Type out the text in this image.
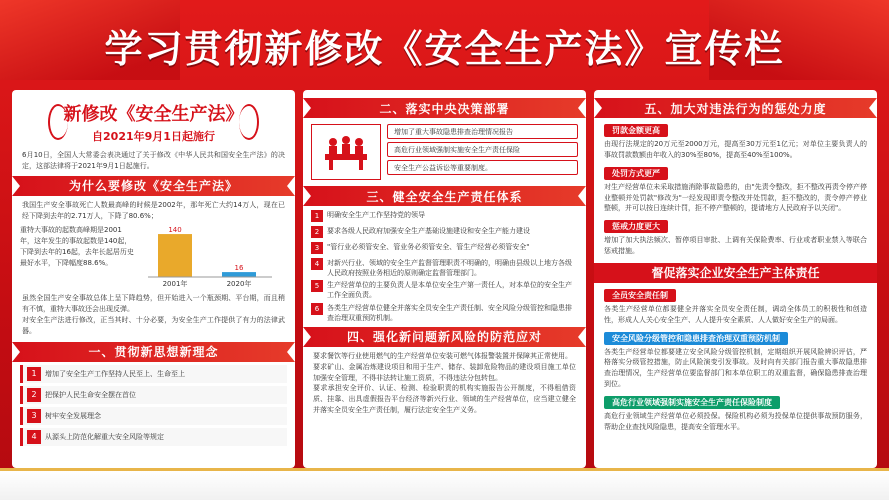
学习贯彻新修改《安全生产法》宣传栏
新修改《安全生产法》
自2021年9月1日起施行

6月10日，全国人大常委会表决通过了关于修改《中华人民共和国安全生产法》的决定，这部法律将于2021年9月1日起施行。

为什么要修改《安全生产法》

我国生产安全事故死亡人数最高峰的时候是2002年，那年死亡大约14万人，现在已经下降到去年的2.71万人，下降了80.6%；

重特大事故的起数高峰期是2001年，这年发生的事故起数是140起，下降到去年的16起，去年长起居历史最好水平，下降幅度88.6%。

140
2001年
16
2020年

虽然全国生产安全事故总体上呈下降趋势，但开始进入一个瓶颈期、平台期，而且稍有不慎，重特大事故还会出现反弹。

对安全生产法进行修改，正当其时、十分必要，为安全生产工作提供了有力的法律武器。

一、贯彻新思想新理念
1	增加了安全生产工作坚持人民至上、生命至上
2	把保护人民生命安全摆在首位
3	树牢安全发展理念
4	从源头上防范化解重大安全风险等规定
二、落实中央决策部署
增加了重大事故隐患排查治理情况报告
高危行业领域强制实施安全生产责任保险
安全生产公益诉讼等重要制度。
三、健全安全生产责任体系
1	明确安全生产工作坚持党的领导
2	要求各级人民政府加强安全生产基础设施建设和安全生产能力建设
3	"管行业必须管安全、管业务必须管安全、管生产经营必须管安全"
4	对新兴行业、领域的安全生产监督管理职责不明确的，明确由县级以上地方各级人民政府按照业务相近的原则确定监督管理部门。
5	生产经营单位的主要负责人是本单位安全生产第一责任人，对本单位的安全生产工作全面负责。
6	各类生产经营单位健全并落实全员安全生产责任制、安全风险分级管控和隐患排查治理双重预防机制。
四、强化新问题新风险的防范应对

要求餐饮等行业使用燃气的生产经营单位安装可燃气体报警装置并保障其正常使用。

要求矿山、金属冶炼建设项目和用于生产、储存、装卸危险物品的建设项目施工单位加强安全管理，不得非法转让施工资质，不得违法分包转包。

要求承担安全评价、认证、检测、检验职责的机构实施报告公开制度，不得租借资质、挂靠、出具虚假报告平台经济等新兴行业、领域的生产经营单位，应当建立健全并落实全员安全生产责任制，履行法定安全生产义务。

五、加大对违法行为的惩处力度
罚款金额更高

由现行法规定的20万元至2000万元，提高至30万元至1亿元；对单位主要负责人的事故罚款数额由年收入的30%至80%，提高至40%至100%。

处罚方式更严

对生产经营单位未采取措施消除事故隐患的，由"先责令整改，拒不整改再责令停产停业整顿并处罚款"修改为"一经发现即责令整改并处罚款，拒不整改的，责令停产停业整顿，并可以按日连续计罚，拒不停产整顿的，提请地方人民政府予以关闭"。

惩戒力度更大

增加了加大执法频次、暂停项目审批、上调有关保险费率、行业或者职业禁入等联合惩戒措施。

督促落实企业安全生产主体责任
全员安全责任制

各类生产经营单位都要健全并落实全员安全责任制，调动全体员工的积极性和创造性，形成人人关心安全生产、人人提升安全素质、人人做好安全生产的局面。

安全风险分级管控和隐患排查治理双重预防机制

各类生产经营单位都要建立安全风险分级管控机制，定期组织开展风险辨识评估，严格落实分级管控措施，防止风险演变引发事故。及时向有关部门报告重大事故隐患排查治理情况，生产经营单位要监督部门和本单位职工的双重监督，确保隐患排查治理到位。

高危行业领域强制实施安全生产责任保险制度

高危行业领域生产经营单位必须投保。保险机构必须为投保单位提供事故预防服务，帮助企业查找风险隐患，提高安全管理水平。
